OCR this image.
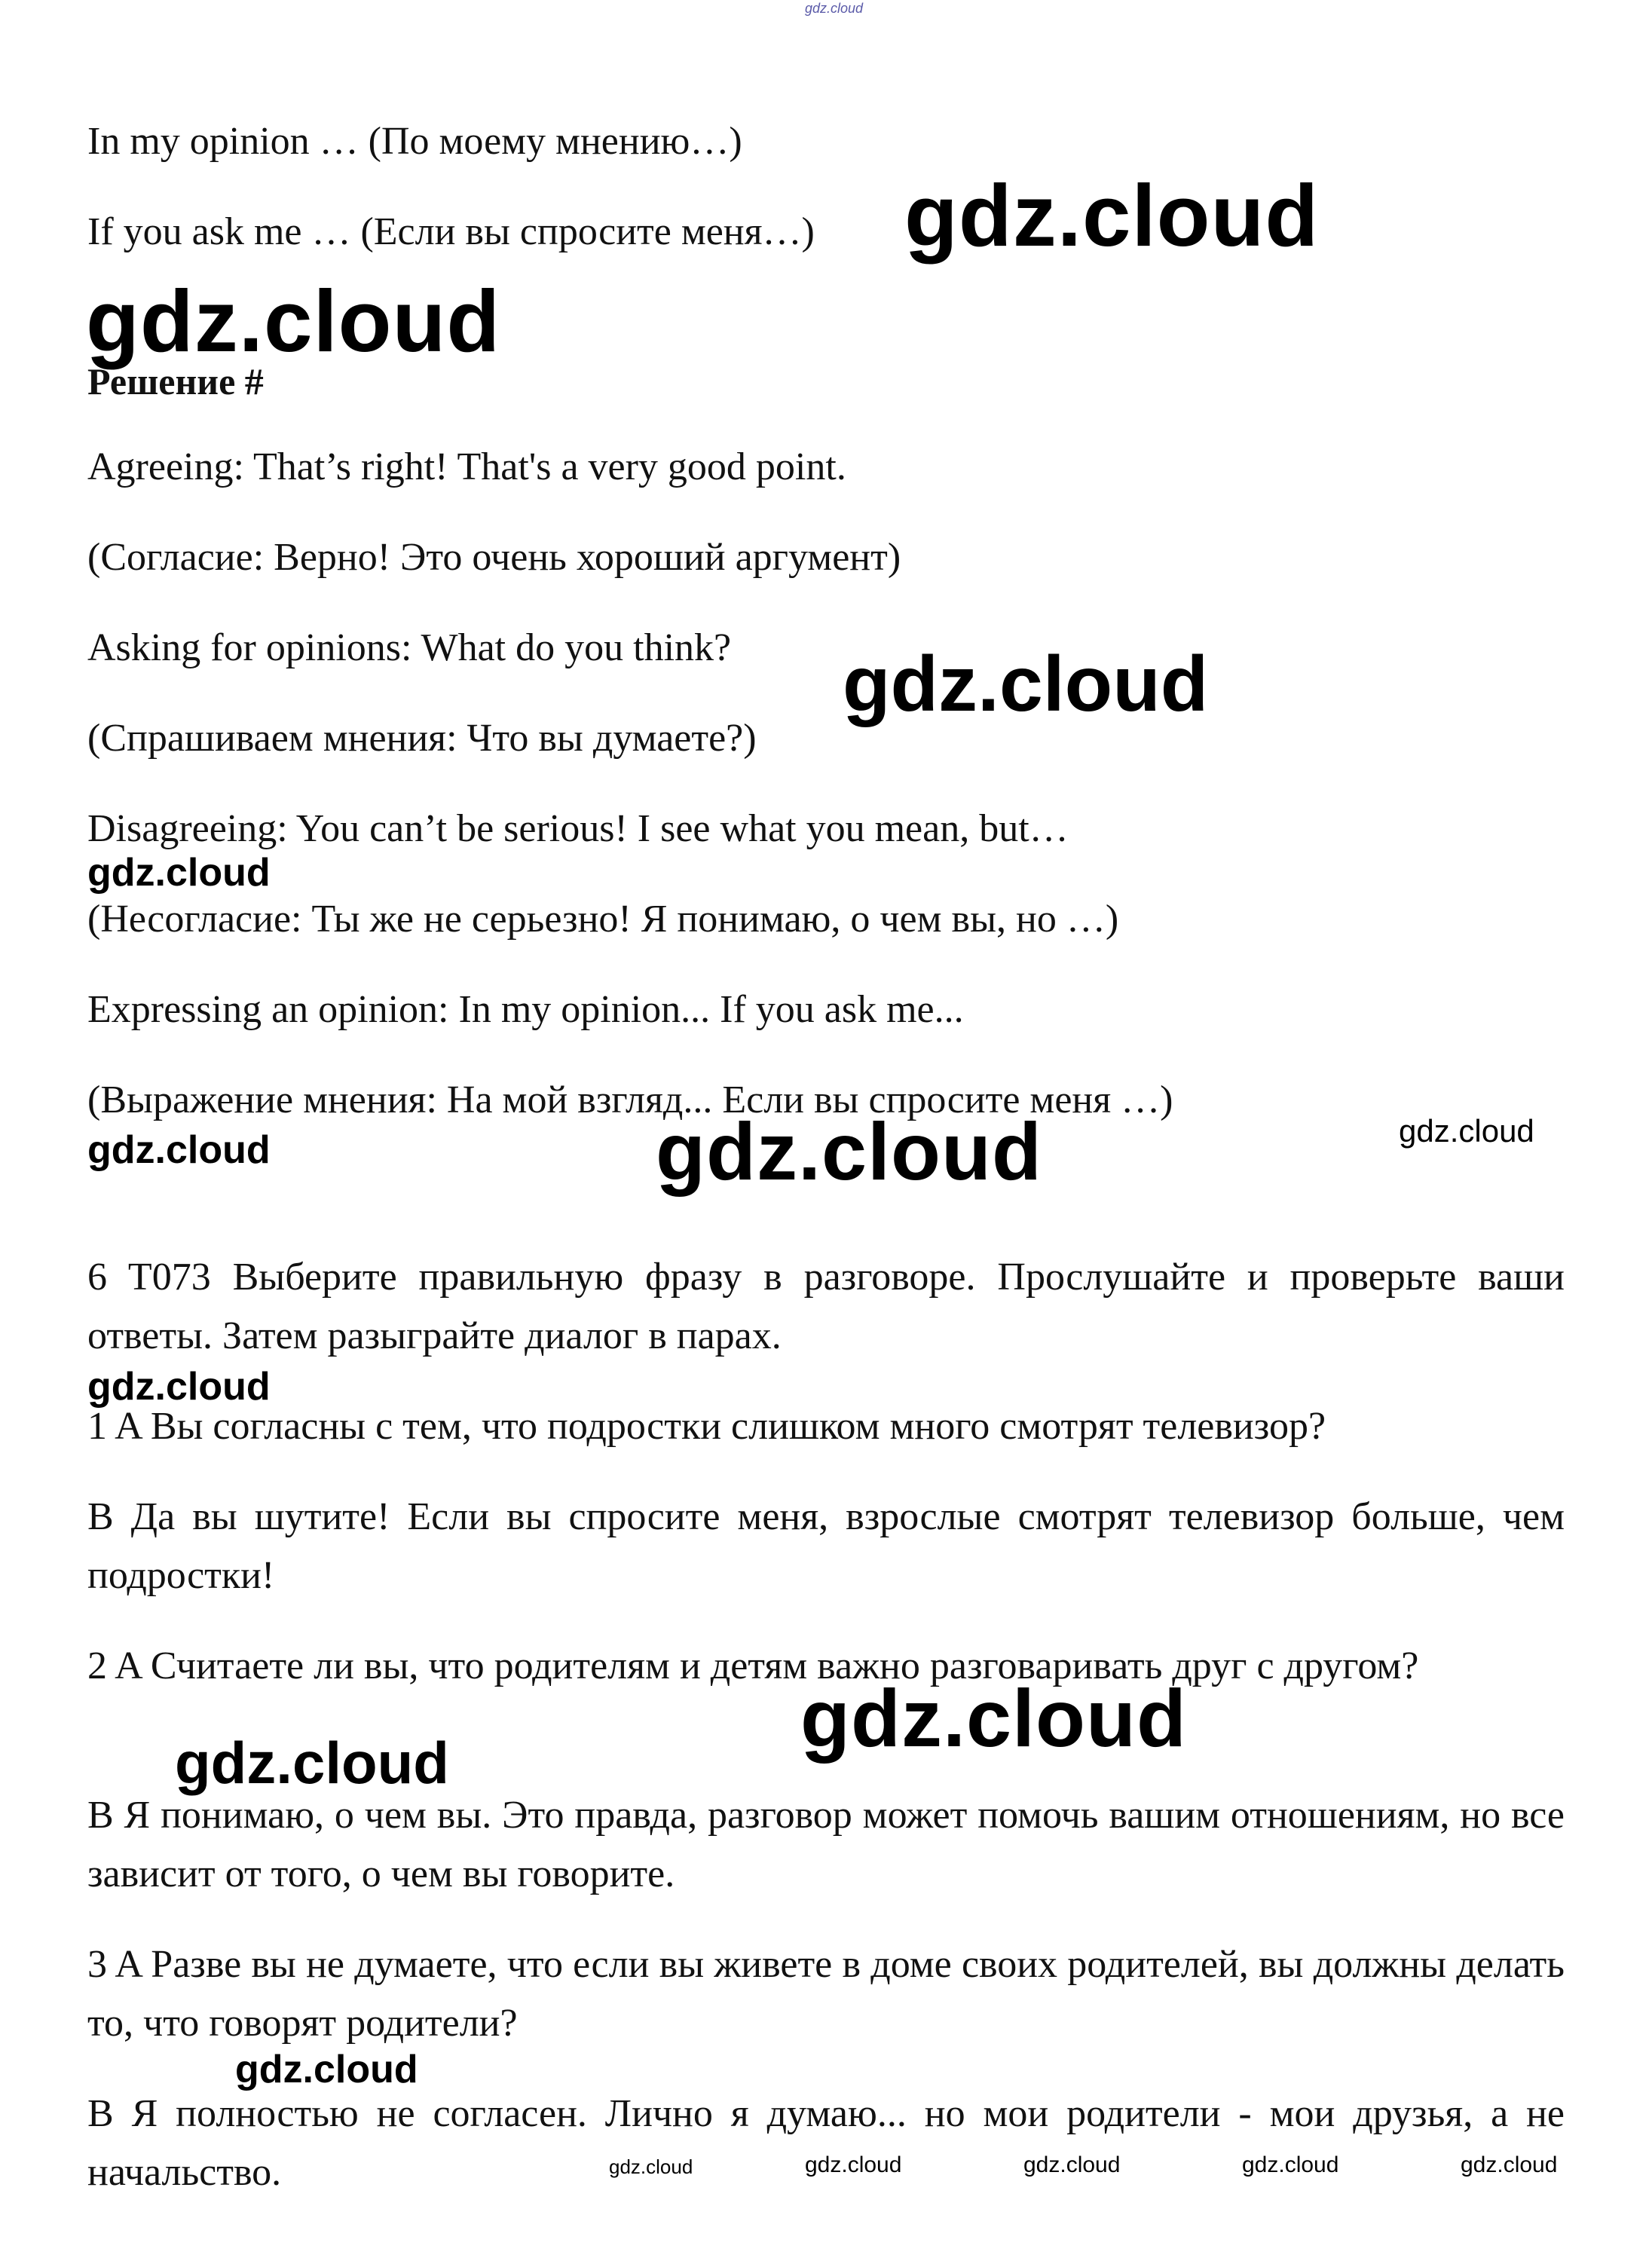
gdz.cloud
In my opinion … (По моему мнению…)
If you ask me … (Если вы спросите меня…) gdz.cloud
gdz.cloud
Решение #
Agreeing: That’s right! That's a very good point.
(Согласие: Верно! Это очень хороший аргумент)
Asking for opinions: What do you think? gdz.cloud
(Спрашиваем мнения: Что вы думаете?)
Disagreeing: You can’t be serious! I see what you mean, but…
gdz.cloud
(Несогласие: Ты же не серьезно! Я понимаю, о чем вы, но …)
Expressing an opinion: In my opinion... If you ask me...
(Выражение мнения: На мой взгляд... Если вы спросите меня …)
gdz.cloud	gdz.cloud	gdz.cloud
6 T073 Выберите правильную фразу в разговоре. Прослушайте и проверьте ваши ответы. Затем разыграйте диалог в парах.
gdz.cloud
1 A Вы согласны с тем, что подростки слишком много смотрят телевизор?
B Да вы шутите! Если вы спросите меня, взрослые смотрят телевизор больше, чем подростки!
2 A Считаете ли вы, что родителям и детям важно разговаривать друг с другом?
gdz.cloud
gdz.cloud
B Я понимаю, о чем вы. Это правда, разговор может помочь вашим отношениям, но все зависит от того, о чем вы говорите.
3 A Разве вы не думаете, что если вы живете в доме своих родителей, вы должны делать то, что говорят родители?
gdz.cloud
B Я полностью не согласен. Лично я думаю... но мои родители - мои друзья, а не начальство.	gdz.cloud	gdz.cloud	gdz.cloud	gdz.cloud	gdz.cloud
